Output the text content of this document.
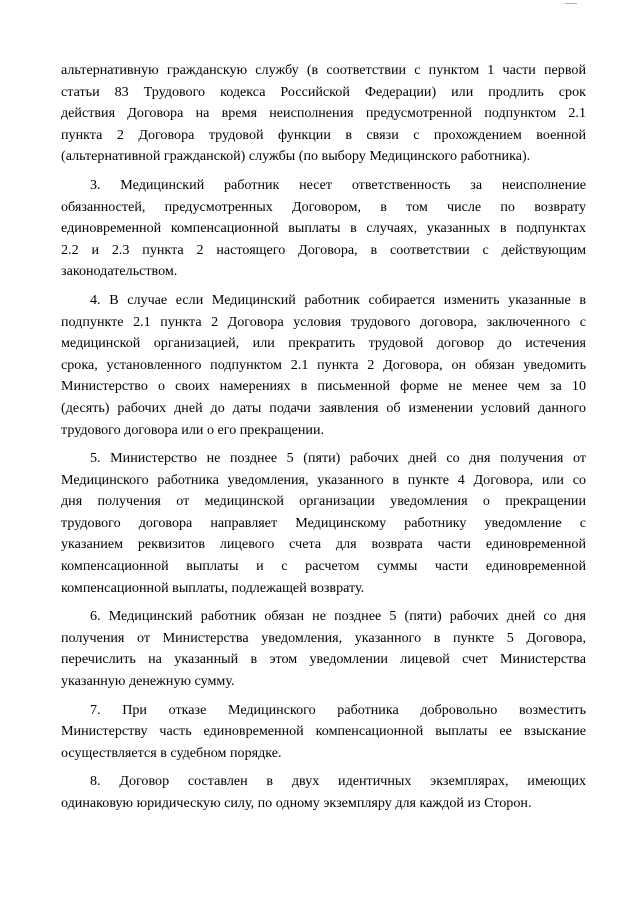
альтернативную гражданскую службу (в соответствии с пунктом 1 части первой
статьи 83 Трудового кодекса Российской Федерации) или продлить срок
действия Договора на время неисполнения предусмотренной подпунктом 2.1
пункта 2 Договора трудовой функции в связи с прохождением военной
(альтернативной гражданской) службы (по выбору Медицинского работника).

3. Медицинский работник несет ответственность за неисполнение
обязанностей, предусмотренных Договором, в том числе по возврату
единовременной компенсационной выплаты в случаях, указанных в подпунктах
2.2 и 2.3 пункта 2 настоящего Договора, в соответствии с действующим
законодательством.

4. В случае если Медицинский работник собирается изменить указанные в
подпункте 2.1 пункта 2 Договора условия трудового договора, заключенного с
медицинской организацией, или прекратить трудовой договор до истечения
срока, установленного подпунктом 2.1 пункта 2 Договора, он обязан уведомить
Министерство о своих намерениях в письменной форме не менее чем за 10
(десять) рабочих дней до даты подачи заявления об изменении условий данного
трудового договора или о его прекращении.

5. Министерство не позднее 5 (пяти) рабочих дней со дня получения от
Медицинского работника уведомления, указанного в пункте 4 Договора, или со
дня получения от медицинской организации уведомления о прекращении
трудового договора направляет Медицинскому работнику уведомление с
указанием реквизитов лицевого счета для возврата части единовременной
компенсационной выплаты и с расчетом суммы части единовременной
компенсационной выплаты, подлежащей возврату.

6. Медицинский работник обязан не позднее 5 (пяти) рабочих дней со дня
получения от Министерства уведомления, указанного в пункте 5 Договора,
перечислить на указанный в этом уведомлении лицевой счет Министерства
указанную денежную сумму.

7. При отказе Медицинского работника добровольно возместить
Министерству часть единовременной компенсационной выплаты ее взыскание
осуществляется в судебном порядке.

8. Договор составлен в двух идентичных экземплярах, имеющих
одинаковую юридическую силу, по одному экземпляру для каждой из Сторон.
